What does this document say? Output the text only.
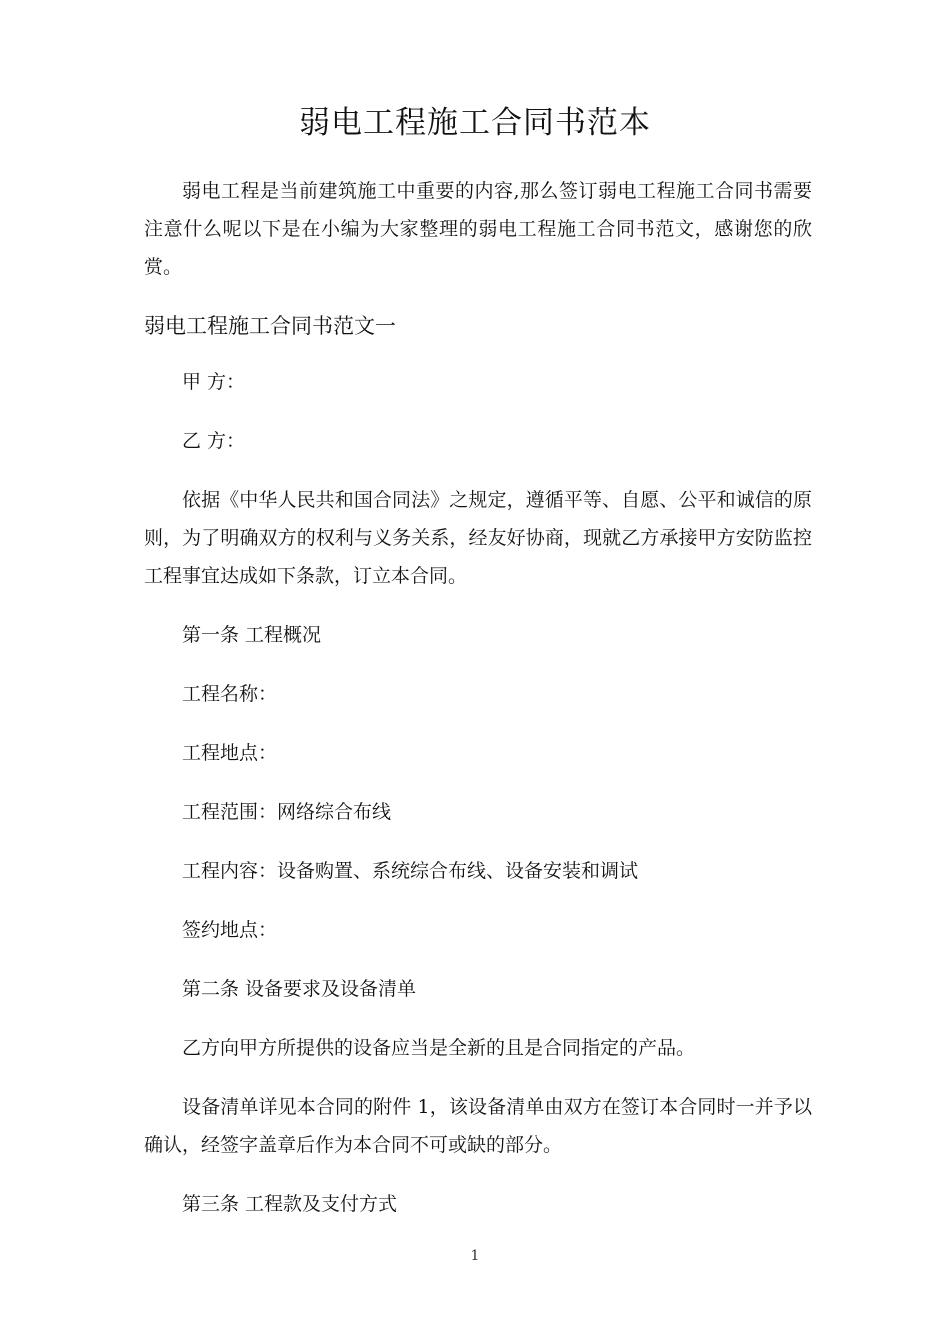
弱电工程施工合同书范本

弱电工程是当前建筑施工中重要的内容,那么签订弱电工程施工合同书需要注意什么呢以下是在小编为大家整理的弱电工程施工合同书范文，感谢您的欣赏。

弱电工程施工合同书范文一

甲 方：

乙 方：

依据《中华人民共和国合同法》之规定，遵循平等、自愿、公平和诚信的原则，为了明确双方的权利与义务关系，经友好协商，现就乙方承接甲方安防监控工程事宜达成如下条款，订立本合同。

第一条 工程概况

工程名称：

工程地点：

工程范围：网络综合布线

工程内容：设备购置、系统综合布线、设备安装和调试

签约地点：

第二条 设备要求及设备清单

乙方向甲方所提供的设备应当是全新的且是合同指定的产品。

设备清单详见本合同的附件 1，该设备清单由双方在签订本合同时一并予以确认，经签字盖章后作为本合同不可或缺的部分。

第三条 工程款及支付方式

1
